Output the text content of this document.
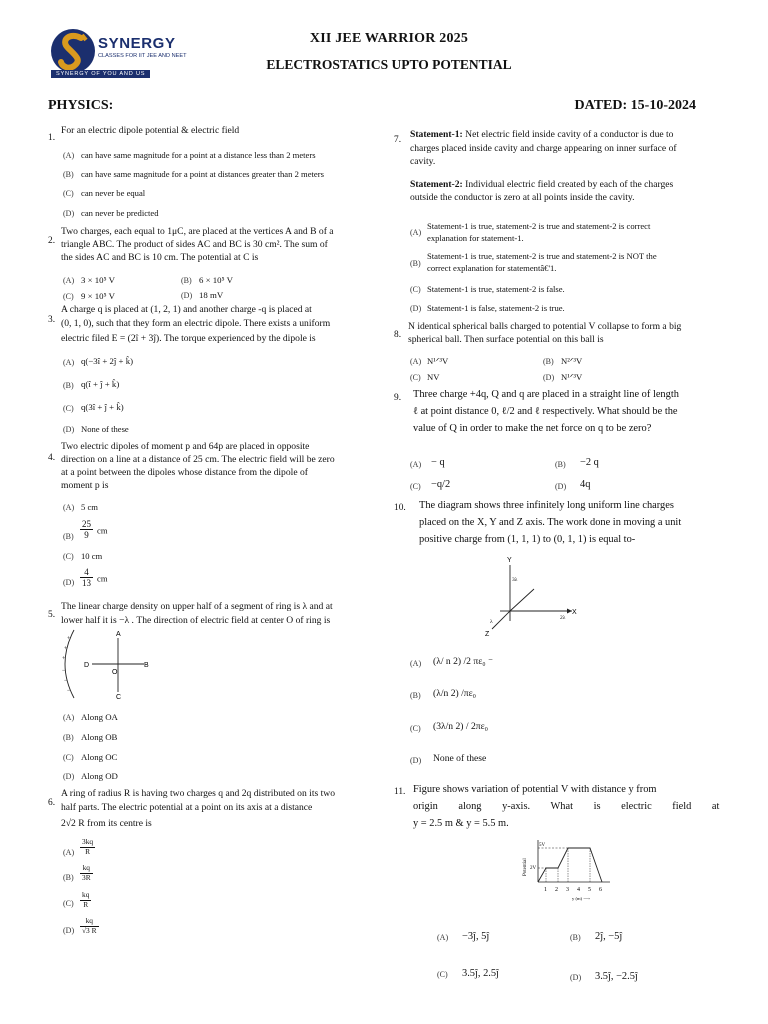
SYNERGY
CLASSES FOR IIT JEE AND NEET
SYNERGY OF YOU AND US
XII JEE WARRIOR 2025
ELECTROSTATICS UPTO POTENTIAL
PHYSICS:	DATED: 15-10-2024
1.
For an electric dipole potential & electric field
(A) can have same magnitude for a point at a distance less than 2 meters
(B) can have same magnitude for a point at distances greater than 2 meters
(C) can never be equal
(D) can never be predicted
2.
Two charges, each equal to 1μC, are placed at the vertices A and B of a
triangle ABC. The product of sides AC and BC is 30 cm². The sum of
the sides AC and BC is 10 cm. The potential at C is
(A) 3 × 10⁵ V	(B) 6 × 10⁵ V
(C) 9 × 10⁵ V	(D) 18 mV
3.
A charge q is placed at (1, 2, 1) and another charge -q is placed at
(0, 1, 0), such that they form an electric dipole. There exists a uniform
electric filed E = (2î + 3ĵ). The torque experienced by the dipole is
(A) q(−3î + 2ĵ + k̂)
(B) q(î + ĵ + k̂)
(C) q(3î + ĵ + k̂)
(D) None of these
4.
Two electric dipoles of moment p and 64p are placed in opposite
direction on a line at a distance of 25 cm. The electric field will be zero
at a point between the dipoles whose distance from the dipole of
moment p is
(A) 5 cm
$(B) \frac{25}{9}$ cm
(C) 10 cm
$(D) \frac{4}{13}$ cm
5.
The linear charge density on upper half of a segment of ring is λ and at
lower half it is −λ . The direction of electric field at center O of ring is
A
C
D	B
O
+
+
+
−
−
−
(A) Along OA
(B) Along OB
(C) Along OC
(D) Along OD
6.
A ring of radius R is having two charges q and 2q distributed on its two
half parts. The electric potential at a point on its axis at a distance
2√2 R from its centre is
$(A) \frac{3kq}{R}$
$(B) \frac{kq}{3R}$
$(C) \frac{kq}{R}$
$(D) \frac{kq}{√3 R}$
7. Statement-1: Net electric field inside cavity of a conductor is due to
charges placed inside cavity and charge appearing on inner surface of
cavity.
Statement-2: Individual electric field created by each of the charges
outside the conductor is zero at all points inside the cavity.
(A)
Statement-1 is true, statement-2 is true and statement-2 is correct
explanation for statement-1.
(B)
Statement-1 is true, statement-2 is true and statement-2 is NOT the
correct explanation for statementâ€'1.
(C) Statement-1 is true, statement-2 is false.
(D) Statement-1 is false, statement-2 is true.
8.
N identical spherical balls charged to potential V collapse to form a big
spherical ball. Then surface potential on this ball is
(A) N¹ᐟ³V	(B) N²ᐟ³V
(C) NV	(D) N¹ᐟ³V
9. Three charge +4q, Q and q are placed in a straight line of length
ℓ at point distance 0, ℓ/2 and ℓ respectively. What should be the
value of Q in order to make the net force on q to be zero?
(A) − q	(B) −2 q
(C) −q/2	(D) 4q
10. The diagram shows three infinitely long uniform line charges
placed on the X, Y and Z axis. The work done in moving a unit
positive charge from (1, 1, 1) to (0, 1, 1) is equal to-
Y
X
Z
3λ
2λ
λ
(A) (λ/ n 2) /2 πε₀ ⁻
(B) (λ/n 2) /πε₀
(C) (3λ/n 2) / 2πε₀
(D) None of these
11. Figure shows variation of potential V with distance y from
origin along y-axis. What is electric field at
y = 2.5 m & y = 5.5 m.
Potential
5V
2V
1 2 3 4 5 6
y (m) ⟶
(A) −3ĵ, 5ĵ	(B) 2ĵ, −5ĵ
(C) 3.5ĵ, 2.5ĵ	(D) 3.5ĵ, −2.5ĵ
